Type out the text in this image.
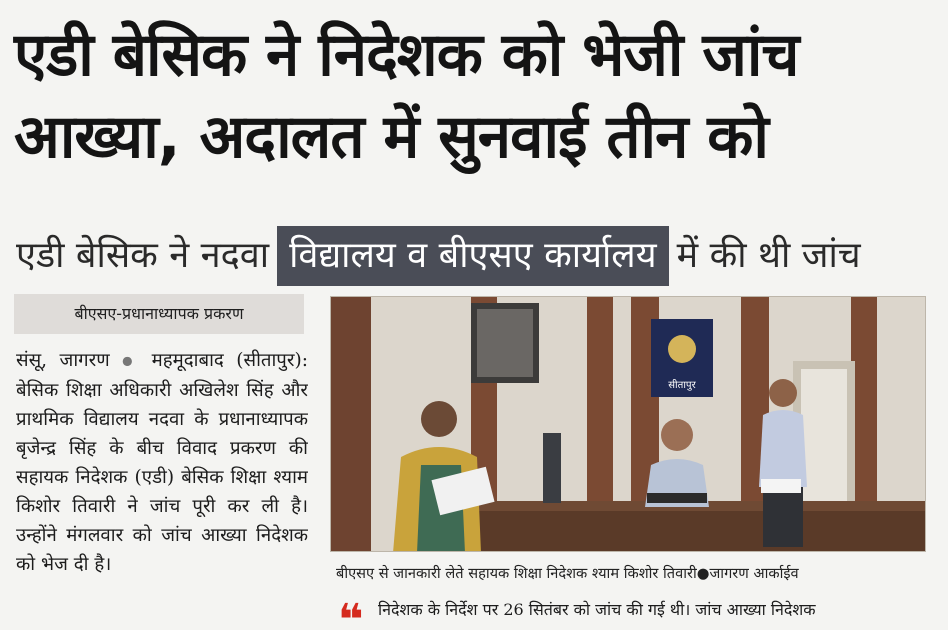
एडी बेसिक ने निदेशक को भेजी जांच आख्या, अदालत में सुनवाई तीन को
एडी बेसिक ने नदवा विद्यालय व बीएसए कार्यालय में की थी जांच
बीएसए-प्रधानाध्यापक प्रकरण
संसू, जागरण ● महमूदाबाद (सीतापुर): बेसिक शिक्षा अधिकारी अखिलेश सिंह और प्राथमिक विद्यालय नदवा के प्रधानाध्यापक बृजेन्द्र सिंह के बीच विवाद प्रकरण की सहायक निदेशक (एडी) बेसिक शिक्षा श्याम किशोर तिवारी ने जांच पूरी कर ली है। उन्होंने मंगलवार को जांच आख्या निदेशक को भेज दी है।
सीतापुर
बीएसए से जानकारी लेते सहायक शिक्षा निदेशक श्याम किशोर तिवारी●जागरण आर्काईव
❝ निदेशक के निर्देश पर 26 सितंबर को जांच की गई थी। जांच आख्या निदेशक
